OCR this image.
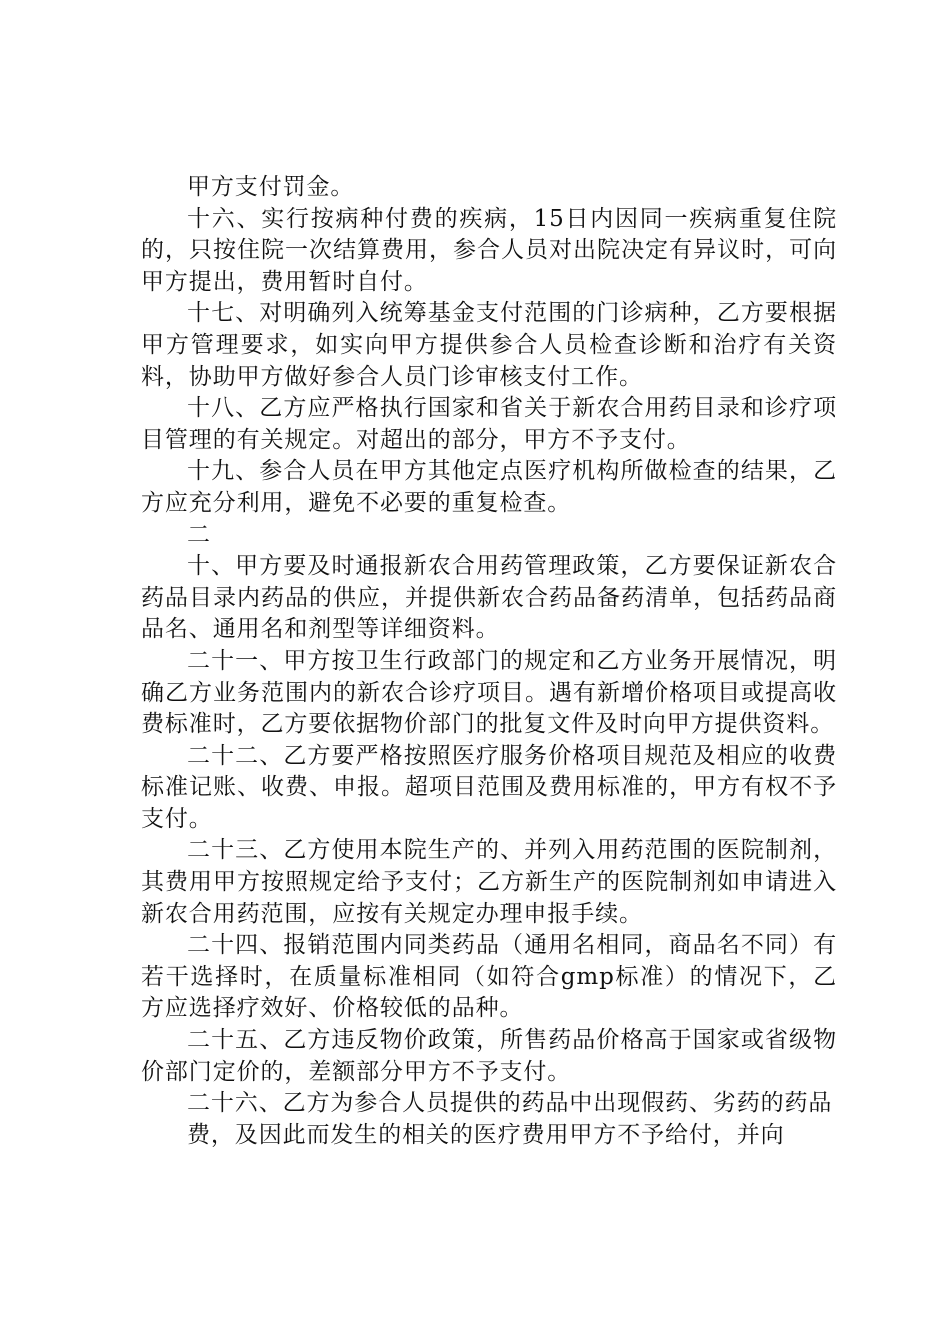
甲方支付罚金。

十六、实行按病种付费的疾病，15日内因同一疾病重复住院的，只按住院一次结算费用，参合人员对出院决定有异议时，可向甲方提出，费用暂时自付。

十七、对明确列入统筹基金支付范围的门诊病种，乙方要根据甲方管理要求，如实向甲方提供参合人员检查诊断和治疗有关资料，协助甲方做好参合人员门诊审核支付工作。

十八、乙方应严格执行国家和省关于新农合用药目录和诊疗项目管理的有关规定。对超出的部分，甲方不予支付。

十九、参合人员在甲方其他定点医疗机构所做检查的结果，乙方应充分利用，避免不必要的重复检查。

二

十、甲方要及时通报新农合用药管理政策，乙方要保证新农合药品目录内药品的供应，并提供新农合药品备药清单，包括药品商品名、通用名和剂型等详细资料。

二十一、甲方按卫生行政部门的规定和乙方业务开展情况，明确乙方业务范围内的新农合诊疗项目。遇有新增价格项目或提高收费标准时，乙方要依据物价部门的批复文件及时向甲方提供资料。

二十二、乙方要严格按照医疗服务价格项目规范及相应的收费标准记账、收费、申报。超项目范围及费用标准的，甲方有权不予支付。

二十三、乙方使用本院生产的、并列入用药范围的医院制剂，其费用甲方按照规定给予支付；乙方新生产的医院制剂如申请进入新农合用药范围，应按有关规定办理申报手续。

二十四、报销范围内同类药品（通用名相同，商品名不同）有若干选择时，在质量标准相同（如符合gmp标准）的情况下，乙方应选择疗效好、价格较低的品种。

二十五、乙方违反物价政策，所售药品价格高于国家或省级物价部门定价的，差额部分甲方不予支付。

二十六、乙方为参合人员提供的药品中出现假药、劣药的药品

费，及因此而发生的相关的医疗费用甲方不予给付，并向
